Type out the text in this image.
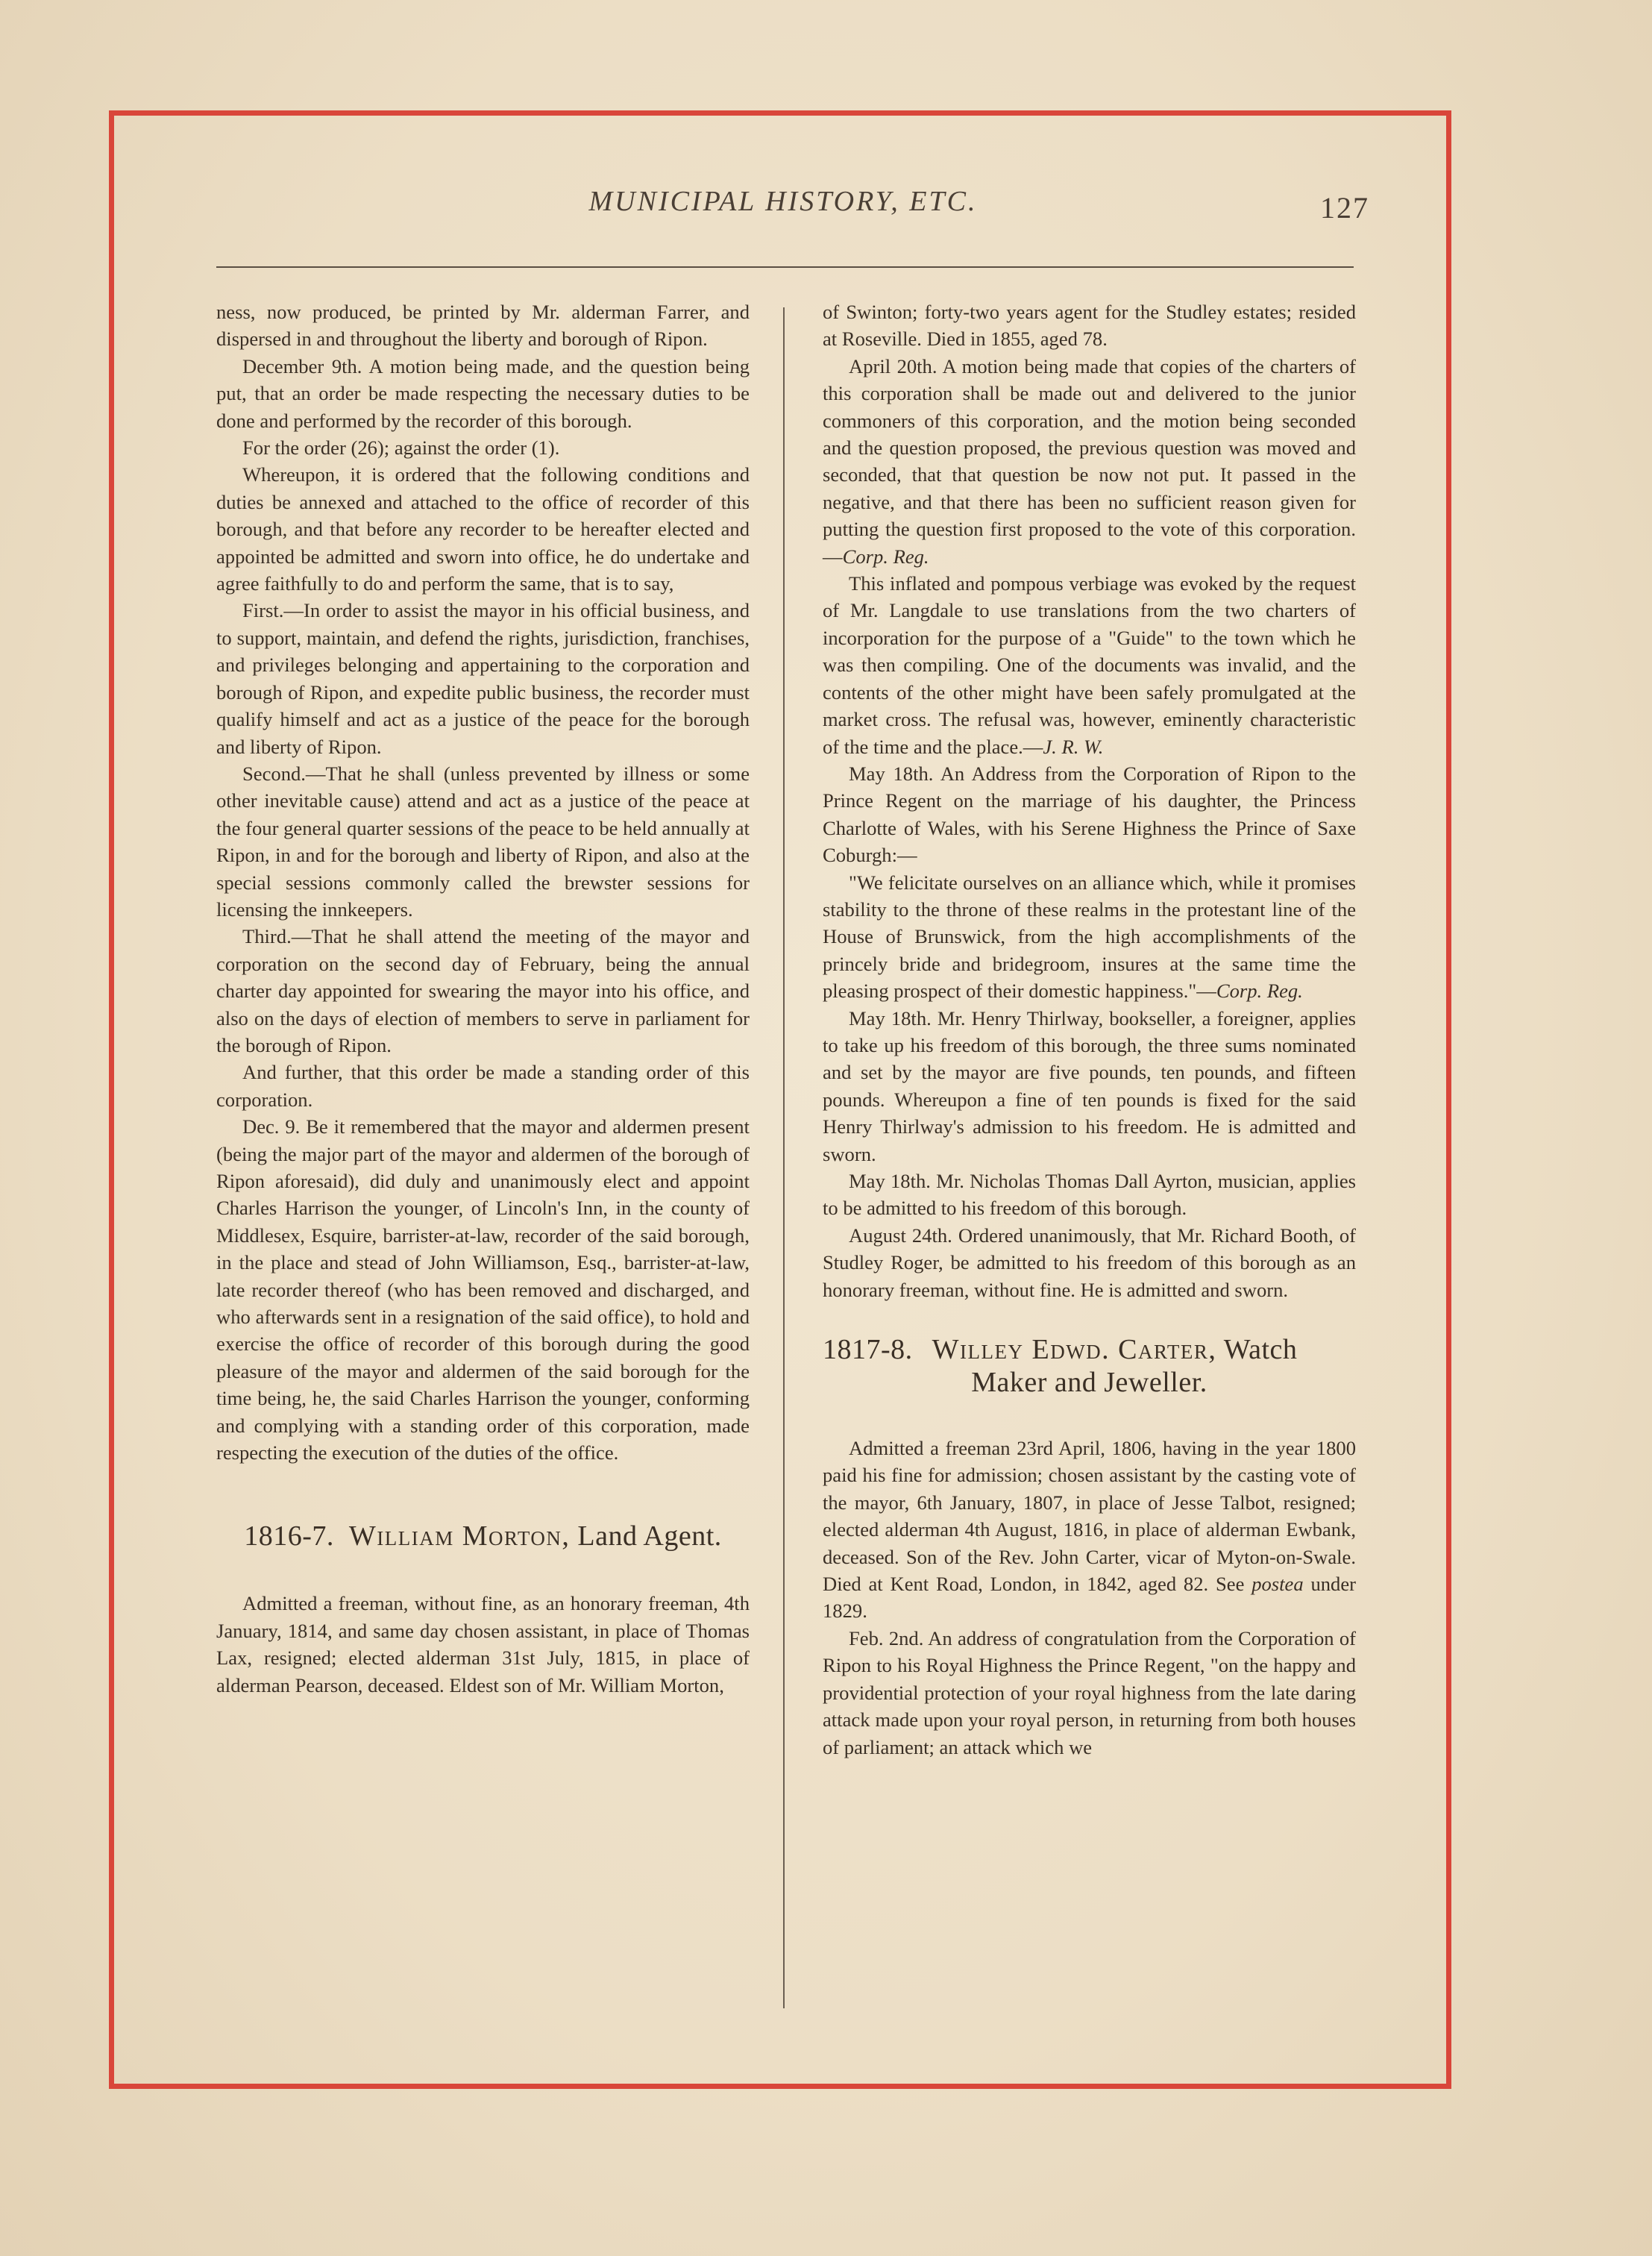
MUNICIPAL HISTORY, ETC.	127

ness, now produced, be printed by Mr. alderman Farrer, and dispersed in and throughout the liberty and borough of Ripon.

December 9th. A motion being made, and the question being put, that an order be made respecting the necessary duties to be done and performed by the recorder of this borough.

For the order (26); against the order (1).

Whereupon, it is ordered that the following conditions and duties be annexed and attached to the office of recorder of this borough, and that before any recorder to be hereafter elected and appointed be admitted and sworn into office, he do undertake and agree faithfully to do and perform the same, that is to say,

First.—In order to assist the mayor in his official business, and to support, maintain, and defend the rights, jurisdiction, franchises, and privileges belonging and appertaining to the corporation and borough of Ripon, and expedite public business, the recorder must qualify himself and act as a justice of the peace for the borough and liberty of Ripon.

Second.—That he shall (unless prevented by illness or some other inevitable cause) attend and act as a justice of the peace at the four general quarter sessions of the peace to be held annually at Ripon, in and for the borough and liberty of Ripon, and also at the special sessions commonly called the brewster sessions for licensing the innkeepers.

Third.—That he shall attend the meeting of the mayor and corporation on the second day of February, being the annual charter day appointed for swearing the mayor into his office, and also on the days of election of members to serve in parliament for the borough of Ripon.

And further, that this order be made a standing order of this corporation.

Dec. 9. Be it remembered that the mayor and aldermen present (being the major part of the mayor and aldermen of the borough of Ripon aforesaid), did duly and unanimously elect and appoint Charles Harrison the younger, of Lincoln's Inn, in the county of Middlesex, Esquire, barrister-at-law, recorder of the said borough, in the place and stead of John Williamson, Esq., barrister-at-law, late recorder thereof (who has been removed and discharged, and who afterwards sent in a resignation of the said office), to hold and exercise the office of recorder of this borough during the good pleasure of the mayor and aldermen of the said borough for the time being, he, the said Charles Harrison the younger, conforming and complying with a standing order of this corporation, made respecting the execution of the duties of the office.

1816-7. William Morton, Land Agent.

Admitted a freeman, without fine, as an honorary freeman, 4th January, 1814, and same day chosen assistant, in place of Thomas Lax, resigned; elected alderman 31st July, 1815, in place of alderman Pearson, deceased. Eldest son of Mr. William Morton,

of Swinton; forty-two years agent for the Studley estates; resided at Roseville. Died in 1855, aged 78.

April 20th. A motion being made that copies of the charters of this corporation shall be made out and delivered to the junior commoners of this corporation, and the motion being seconded and the question proposed, the previous question was moved and seconded, that that question be now not put. It passed in the negative, and that there has been no sufficient reason given for putting the question first proposed to the vote of this corporation.—Corp. Reg.

This inflated and pompous verbiage was evoked by the request of Mr. Langdale to use translations from the two charters of incorporation for the purpose of a "Guide" to the town which he was then compiling. One of the documents was invalid, and the contents of the other might have been safely promulgated at the market cross. The refusal was, however, eminently characteristic of the time and the place.—J. R. W.

May 18th. An Address from the Corporation of Ripon to the Prince Regent on the marriage of his daughter, the Princess Charlotte of Wales, with his Serene Highness the Prince of Saxe Coburgh:—

"We felicitate ourselves on an alliance which, while it promises stability to the throne of these realms in the protestant line of the House of Brunswick, from the high accomplishments of the princely bride and bridegroom, insures at the same time the pleasing prospect of their domestic happiness."—Corp. Reg.

May 18th. Mr. Henry Thirlway, bookseller, a foreigner, applies to take up his freedom of this borough, the three sums nominated and set by the mayor are five pounds, ten pounds, and fifteen pounds. Whereupon a fine of ten pounds is fixed for the said Henry Thirlway's admission to his freedom. He is admitted and sworn.

May 18th. Mr. Nicholas Thomas Dall Ayrton, musician, applies to be admitted to his freedom of this borough.

August 24th. Ordered unanimously, that Mr. Richard Booth, of Studley Roger, be admitted to his freedom of this borough as an honorary freeman, without fine. He is admitted and sworn.

1817-8. Willey Edwd. Carter, Watch
Maker and Jeweller.

Admitted a freeman 23rd April, 1806, having in the year 1800 paid his fine for admission; chosen assistant by the casting vote of the mayor, 6th January, 1807, in place of Jesse Talbot, resigned; elected alderman 4th August, 1816, in place of alderman Ewbank, deceased. Son of the Rev. John Carter, vicar of Myton-on-Swale. Died at Kent Road, London, in 1842, aged 82. See postea under 1829.

Feb. 2nd. An address of congratulation from the Corporation of Ripon to his Royal Highness the Prince Regent, "on the happy and providential protection of your royal highness from the late daring attack made upon your royal person, in returning from both houses of parliament; an attack which we
